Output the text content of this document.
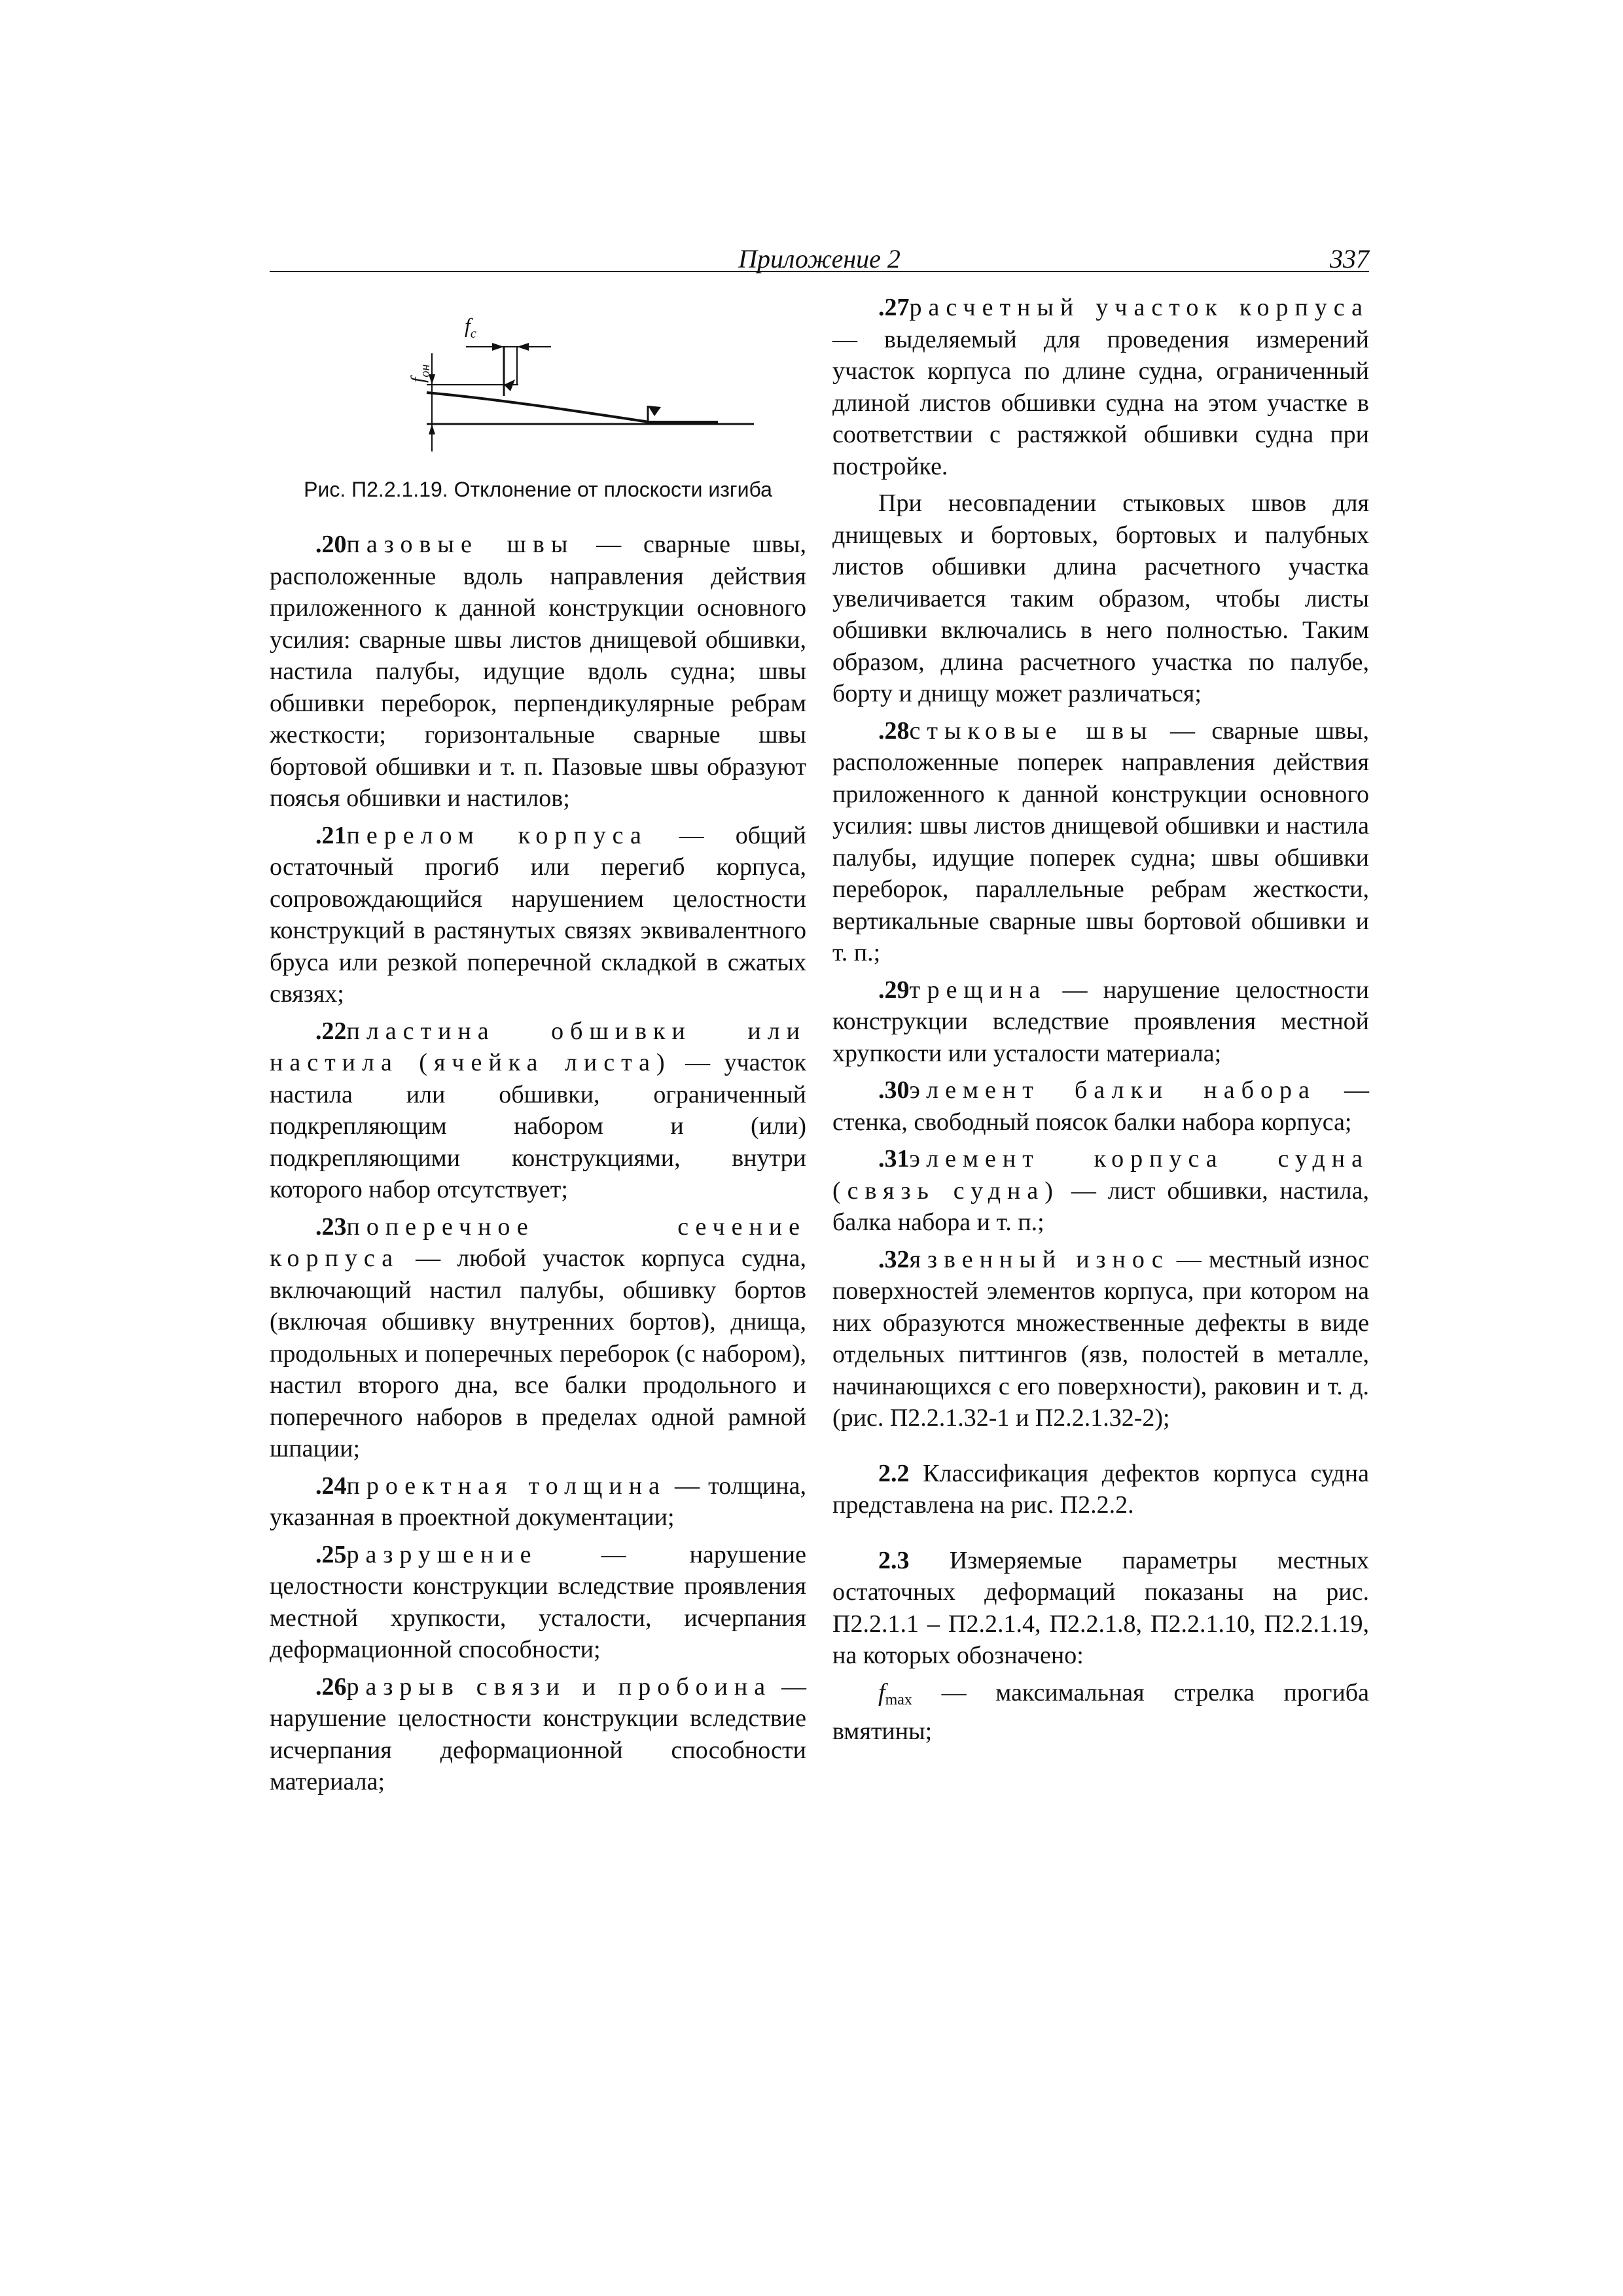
Приложение 2	337
$f_c$
$f_{он}$
Рис. П2.2.1.19. Отклонение от плоскости изгиба

.20пазовые швы — сварные швы, расположенные вдоль направления действия приложенного к данной конструкции основного усилия: сварные швы листов днищевой обшивки, настила палубы, идущие вдоль судна; швы обшивки переборок, перпендикулярные ребрам жесткости; горизонтальные сварные швы бортовой обшивки и т. п. Пазовые швы образуют поясья обшивки и настилов;

.21перелом корпуса — общий остаточный прогиб или перегиб корпуса, сопровождающийся нарушением целостности конструкций в растянутых связях эквивалентного бруса или резкой поперечной складкой в сжатых связях;

.22пластина обшивки или настила (ячейка листа) — участок настила или обшивки, ограниченный подкрепляющим набором и (или) подкрепляющими конструкциями, внутри которого набор отсутствует;

.23поперечное сечение корпуса — любой участок корпуса судна, включающий настил палубы, обшивку бортов (включая обшивку внутренних бортов), днища, продольных и поперечных переборок (с набором), настил второго дна, все балки продольного и поперечного наборов в пределах одной рамной шпации;

.24проектная толщина — толщина, указанная в проектной документации;

.25разрушение — нарушение целостности конструкции вследствие проявления местной хрупкости, усталости, исчерпания деформационной способности;

.26разрыв связи и пробоина — нарушение целостности конструкции вследствие исчерпания деформационной способности материала;

.27расчетный участок корпуса — выделяемый для проведения измерений участок корпуса по длине судна, ограниченный длиной листов обшивки судна на этом участке в соответствии с растяжкой обшивки судна при постройке.

При несовпадении стыковых швов для днищевых и бортовых, бортовых и палубных листов обшивки длина расчетного участка увеличивается таким образом, чтобы листы обшивки включались в него полностью. Таким образом, длина расчетного участка по палубе, борту и днищу может различаться;

.28стыковые швы — сварные швы, расположенные поперек направления действия приложенного к данной конструкции основного усилия: швы листов днищевой обшивки и настила палубы, идущие поперек судна; швы обшивки переборок, параллельные ребрам жесткости, вертикальные сварные швы бортовой обшивки и т. п.;

.29трещина — нарушение целостности конструкции вследствие проявления местной хрупкости или усталости материала;

.30элемент балки набора — стенка, свободный поясок балки набора корпуса;

.31элемент корпуса судна (связь судна) — лист обшивки, настила, балка набора и т. п.;

.32язвенный износ — местный износ поверхностей элементов корпуса, при котором на них образуются множественные дефекты в виде отдельных питтингов (язв, полостей в металле, начинающихся с его поверхности), раковин и т. д. (рис. П2.2.1.32-1 и П2.2.1.32-2);

2.2 Классификация дефектов корпуса судна представлена на рис. П2.2.2.

2.3 Измеряемые параметры местных остаточных деформаций показаны на рис. П2.2.1.1 – П2.2.1.4, П2.2.1.8, П2.2.1.10, П2.2.1.19, на которых обозначено:

$f_{max}$ — максимальная стрелка прогиба вмятины;
